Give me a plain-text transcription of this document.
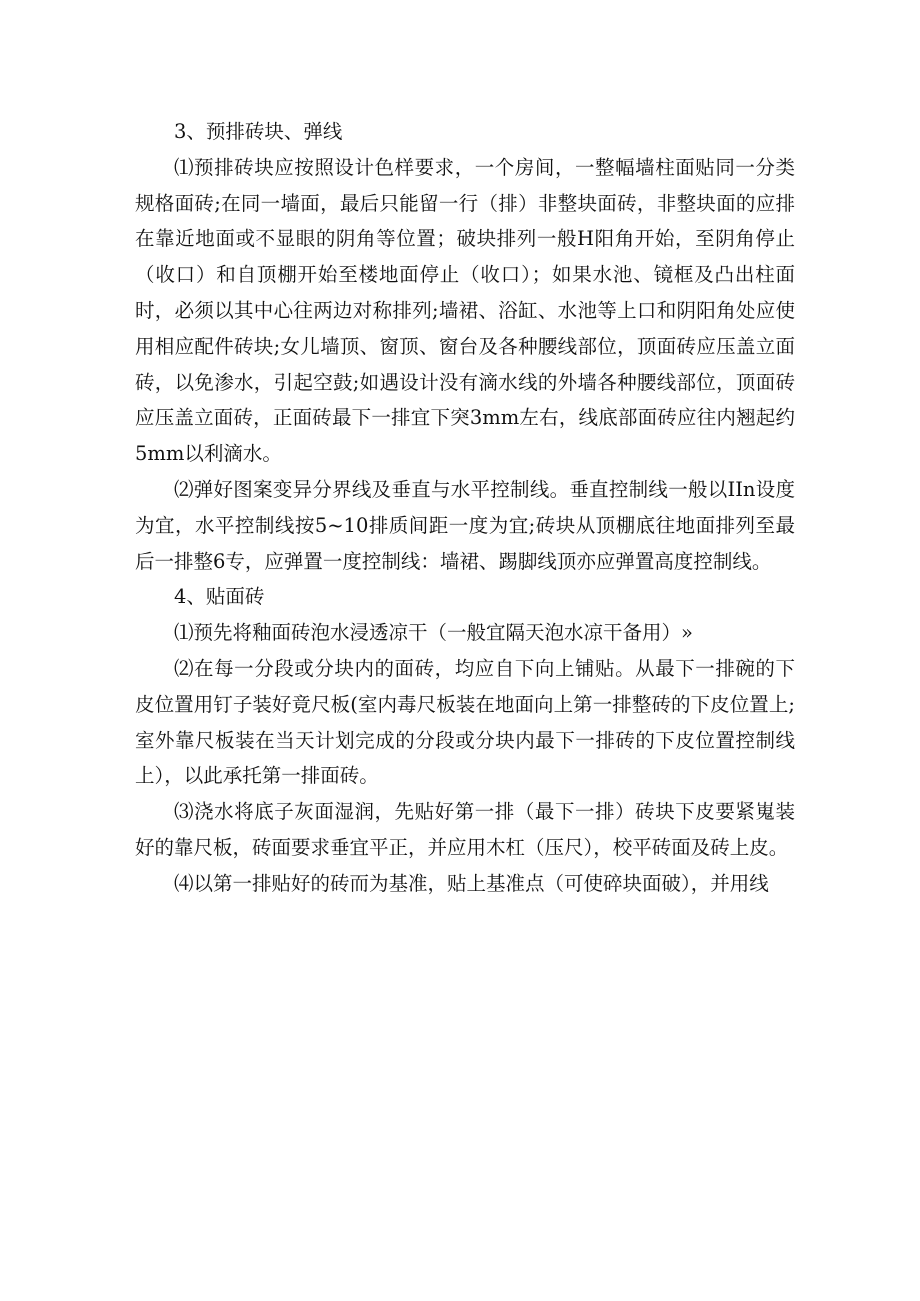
3、预排砖块、弹线

⑴预排砖块应按照设计色样要求，一个房间，一整幅墙柱面贴同一分类规格面砖;在同一墙面，最后只能留一行（排）非整块面砖，非整块面的应排在靠近地面或不显眼的阴角等位置；破块排列一般H阳角开始，至阴角停止（收口）和自顶棚开始至楼地面停止（收口）；如果水池、镜框及凸出柱面时，必须以其中心往两边对称排列;墙裙、浴缸、水池等上口和阴阳角处应使用相应配件砖块;女儿墙顶、窗顶、窗台及各种腰线部位，顶面砖应压盖立面砖，以免渗水，引起空鼓;如遇设计没有滴水线的外墙各种腰线部位，顶面砖应压盖立面砖，正面砖最下一排宜下突3mm左右，线底部面砖应往内翘起约5mm以利滴水。

⑵弹好图案变异分界线及垂直与水平控制线。垂直控制线一般以IIn设度为宜，水平控制线按5~10排质间距一度为宜;砖块从顶棚底往地面排列至最后一排整6专，应弹置一度控制线：墙裙、踢脚线顶亦应弹置高度控制线。

4、贴面砖

⑴预先将釉面砖泡水浸透凉干（一般宜隔天泡水凉干备用）»

⑵在每一分段或分块内的面砖，均应自下向上铺贴。从最下一排碗的下皮位置用钉子装好竟尺板(室内毒尺板装在地面向上第一排整砖的下皮位置上;室外靠尺板装在当天计划完成的分段或分块内最下一排砖的下皮位置控制线上），以此承托第一排面砖。

⑶浇水将底子灰面湿润，先贴好第一排（最下一排）砖块下皮要紧嵬装好的靠尺板，砖面要求垂宜平正，并应用木杠（压尺），校平砖面及砖上皮。

⑷以第一排贴好的砖而为基准，贴上基准点（可使碎块面破），并用线
